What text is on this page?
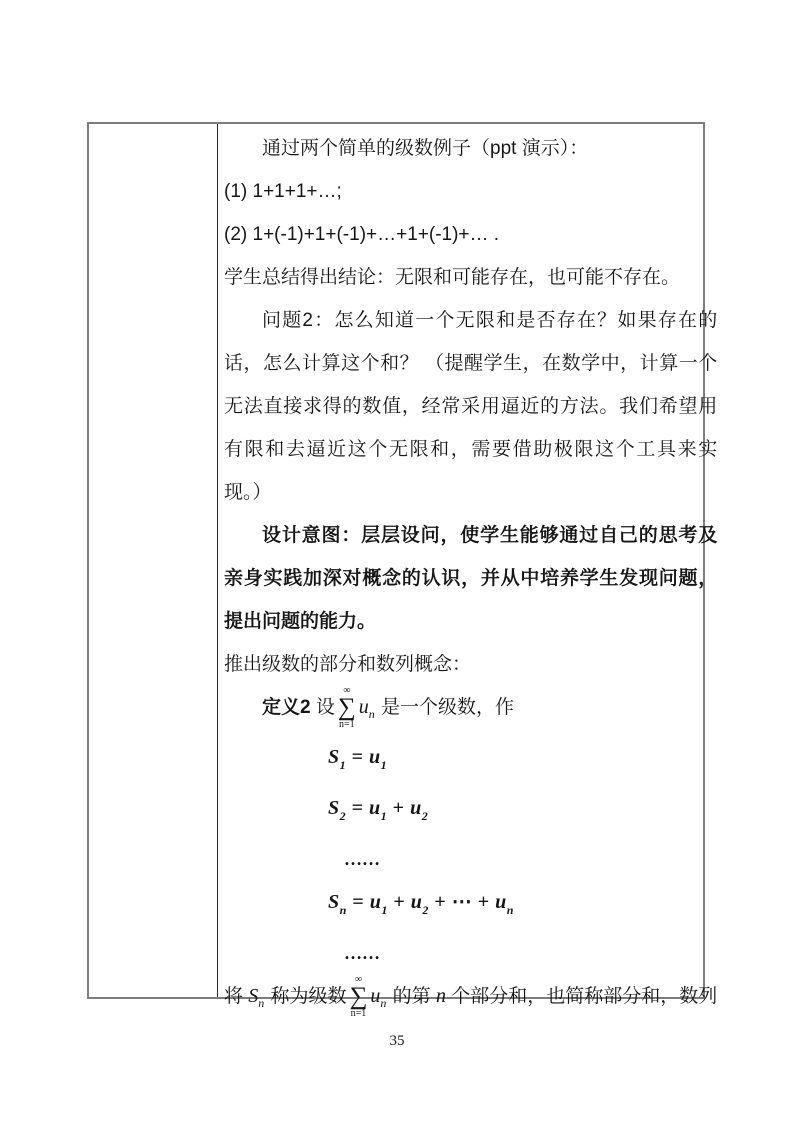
通过两个简单的级数例子（ppt 演示）：
(1) 1+1+1+…;
(2) 1+(-1)+1+(-1)+…+1+(-1)+… .
学生总结得出结论：无限和可能存在，也可能不存在。
问题2：怎么知道一个无限和是否存在？如果存在的话，怎么计算这个和？ （提醒学生，在数学中，计算一个无法直接求得的数值，经常采用逼近的方法。我们希望用有限和去逼近这个无限和，需要借助极限这个工具来实现。）
设计意图：层层设问，使学生能够通过自己的思考及亲身实践加深对概念的认识，并从中培养学生发现问题，提出问题的能力。
推出级数的部分和数列概念：
定义2 设
∞
∑
n=1
$u_n$ 是一个级数，作
$S_1 = u_1$
$S_2 = u_1 + u_2$
……
$S_n = u_1 + u_2$ + ⋯ + $u_n$
……
将 $S_n$ 称为级数
∞
∑
n=1
$u_n$ 的第 n 个部分和，也简称部分和，数列
35
